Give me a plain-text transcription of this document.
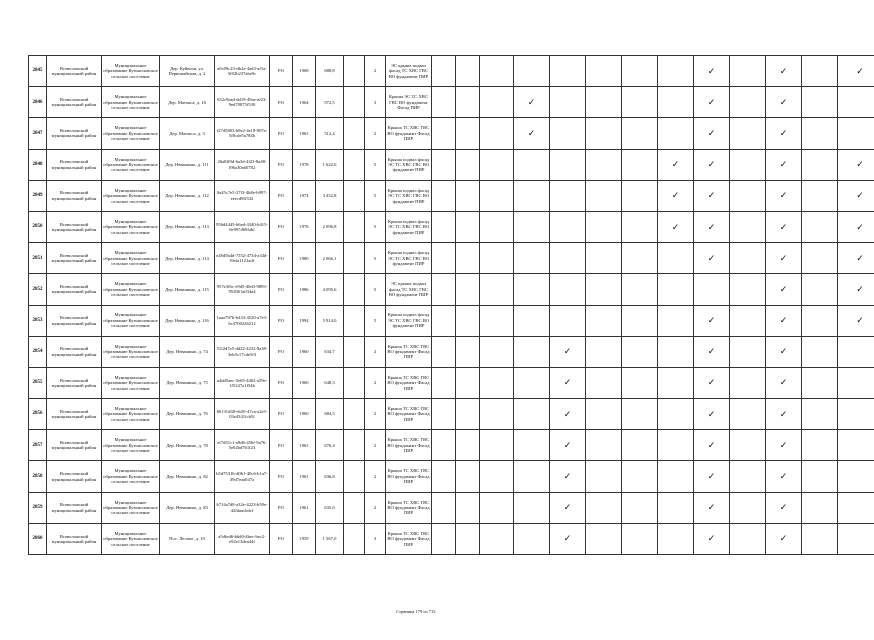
2845	Всеволожский муниципальный район	Муниципальное образование Кузьмоловское сельское поселение	Дер. Куйвози, ул. Первомайская, д. 2	a0c09c23-db2a-4ad3-af1a-5f02b237abe9c	РО	1968	688,8		2	ЭС крыша подвал фасад ТС ХВС ГВС ВО фундамент ПИР									✓		✓		✓
2846	Всеволожский муниципальный район	Муниципальное образование Кузьмоловское сельское поселение	Дер. Матокса, д. 16	652c9ead-dd19-49ae-af23-9ed70875f530	РО	1964	972,5		3	Крыша ЭС ТС ХВС ГВС ВО фундамент Фасад ПИР				✓					✓		✓		
2847	Всеволожский муниципальный район	Муниципальное образование Кузьмоловское сельское поселение	Дер. Матокса, д. 3	f27d5803-b9e2-4e18-907e-5f0cde5a784b	РО	1961	512,4		2	Крыша ТС ХВС ГВС ВО фундамент Фасад ПИР				✓					✓		✓		
2848	Всеволожский муниципальный район	Муниципальное образование Кузьмоловское сельское поселение	Дер. Невашино, д. 111	26a8ff9d-6a3d-4f23-8a48-f96a30a60782	РО	1978	1 622,6		5	Крыша подвал фасад ЭС ТС ХВС ГВС ВО фундамент ПИР								✓	✓		✓		✓
2849	Всеволожский муниципальный район	Муниципальное образование Кузьмоловское сельское поселение	Дер. Невашино, д. 112	0a45c7e5-27f3-4b8e-b997-eeecd9ff332	РО	1974	3 452,8		5	Крыша подвал фасад ЭС ТС ХВС ГВС ВО фундамент ПИР								✓	✓		✓		✓
2850	Всеволожский муниципальный район	Муниципальное образование Кузьмоловское сельское поселение	Дер. Невашино, д. 113	956d4445-b6ed-4340-b415-6e997d69fabf	РО	1976	2 096,8		5	Крыша подвал фасад ЭС ТС ХВС ГВС ВО фундамент ПИР								✓	✓		✓		✓
2851	Всеволожский муниципальный район	Муниципальное образование Кузьмоловское сельское поселение	Дер. Невашино, д. 114	e28d5b4d-7552-473d-a34d-f9efa1121adf	РО	1980	2 066,1		5	Крыша подвал фасад ЭС ТС ХВС ГВС ВО фундамент ПИР									✓		✓		✓
2852	Всеволожский муниципальный район	Муниципальное образование Кузьмоловское сельское поселение	Дер. Невашино, д. 115	957e3f6c-e9d5-40d3-9893-952961a034a4	РО	1986	4 095,6		5	ЭС крыша подвал фасад ТС ХВС ГВС ВО фундамент ПИР											✓		✓
2853	Всеволожский муниципальный район	Муниципальное образование Кузьмоловское сельское поселение	Дер. Невашино, д. 116	1aaa797b-b433-4520-a7e3-6c4700236212	РО	1994	5 914,0		5	Крыша подвал фасад ЭС ТС ХВС ГВС ВО фундамент ПИР									✓		✓		✓
2854	Всеволожский муниципальный район	Муниципальное образование Кузьмоловское сельское поселение	Дер. Невашино, д. 74	51f2d7e5-dd22-4232-8a38-3eb5c17cde5f3	РО	1960	634,7		2	Крыша ТС ХВС ГВС ВО фундамент Фасад ПИР					✓				✓		✓		
2855	Всеволожский муниципальный район	Муниципальное образование Кузьмоловское сельское поселение	Дер. Невашино, д. 75	a4dd5aec-5e65-4402-a59e-1f5247a1f54b	РО	1960	648,3		2	Крыша ТС ХВС ГВС ВО фундамент Фасад ПИР					✓				✓		✓		
2856	Всеволожский муниципальный район	Муниципальное образование Кузьмоловское сельское поселение	Дер. Невашино, д. 76	80131d38-eb50-47ca-a2e5-03e4341fcb5f	РО	1960	684,5		2	Крыша ТС ХВС ГВС ВО фундамент Фасад ПИР					✓				✓		✓		
2857	Всеволожский муниципальный район	Муниципальное образование Кузьмоловское сельское поселение	Дер. Невашино, д. 78	ef7d31c1-a9d6-456f-9a76-5e02bd761f23	РО	1961	676,4		2	Крыша ТС ХВС ГВС ВО фундамент Фасад ПИР					✓				✓		✓		
2858	Всеволожский муниципальный район	Муниципальное образование Кузьмоловское сельское поселение	Дер. Невашино, д. 82	b5d75316-d061-40c6-b1a7-39d7eaa047a	РО	1961	636,8		2	Крыша ТС ХВС ГВС ВО фундамент Фасад ПИР					✓				✓		✓		
2859	Всеволожский муниципальный район	Муниципальное образование Кузьмоловское сельское поселение	Дер. Невашино, д. 83	b714a7d8-a32e-4223-b59e-42fdaacbdcf	РО	1961	635,6		2	Крыша ТС ХВС ГВС ВО фундамент Фасад ПИР					✓				✓		✓		
2860	Всеволожский муниципальный район	Муниципальное образование Кузьмоловское сельское поселение	Пос. Лесное, д. 10	a5dfed6-b6d0-4bec-bec2-e92e13dea44f	РО	1959	1 567,0		3	Крыша ТС ХВС ГВС ВО фундамент Фасад ПИР					✓				✓		✓		
Страница 179 из 713
